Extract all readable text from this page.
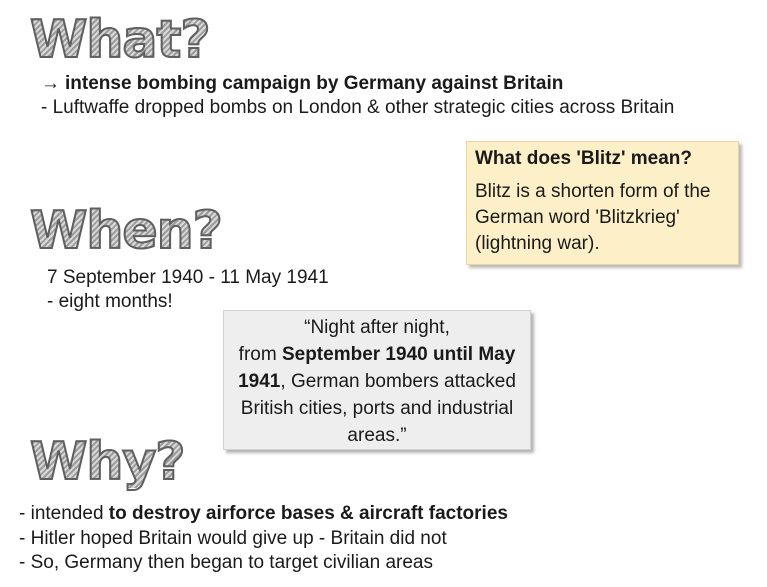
What?

→ intense bombing campaign by Germany against Britain

- Luftwaffe dropped bombs on London & other strategic cities across Britain

What does 'Blitz' mean?

Blitz is a shorten form of the German word 'Blitzkrieg' (lightning war).

When?

7 September 1940 - 11 May 1941

- eight months!

“Night after night,
from September 1940 until May 1941, German bombers attacked British cities, ports and industrial areas.”

Why?

- intended to destroy airforce bases & aircraft factories

- Hitler hoped Britain would give up - Britain did not

- So, Germany then began to target civilian areas
